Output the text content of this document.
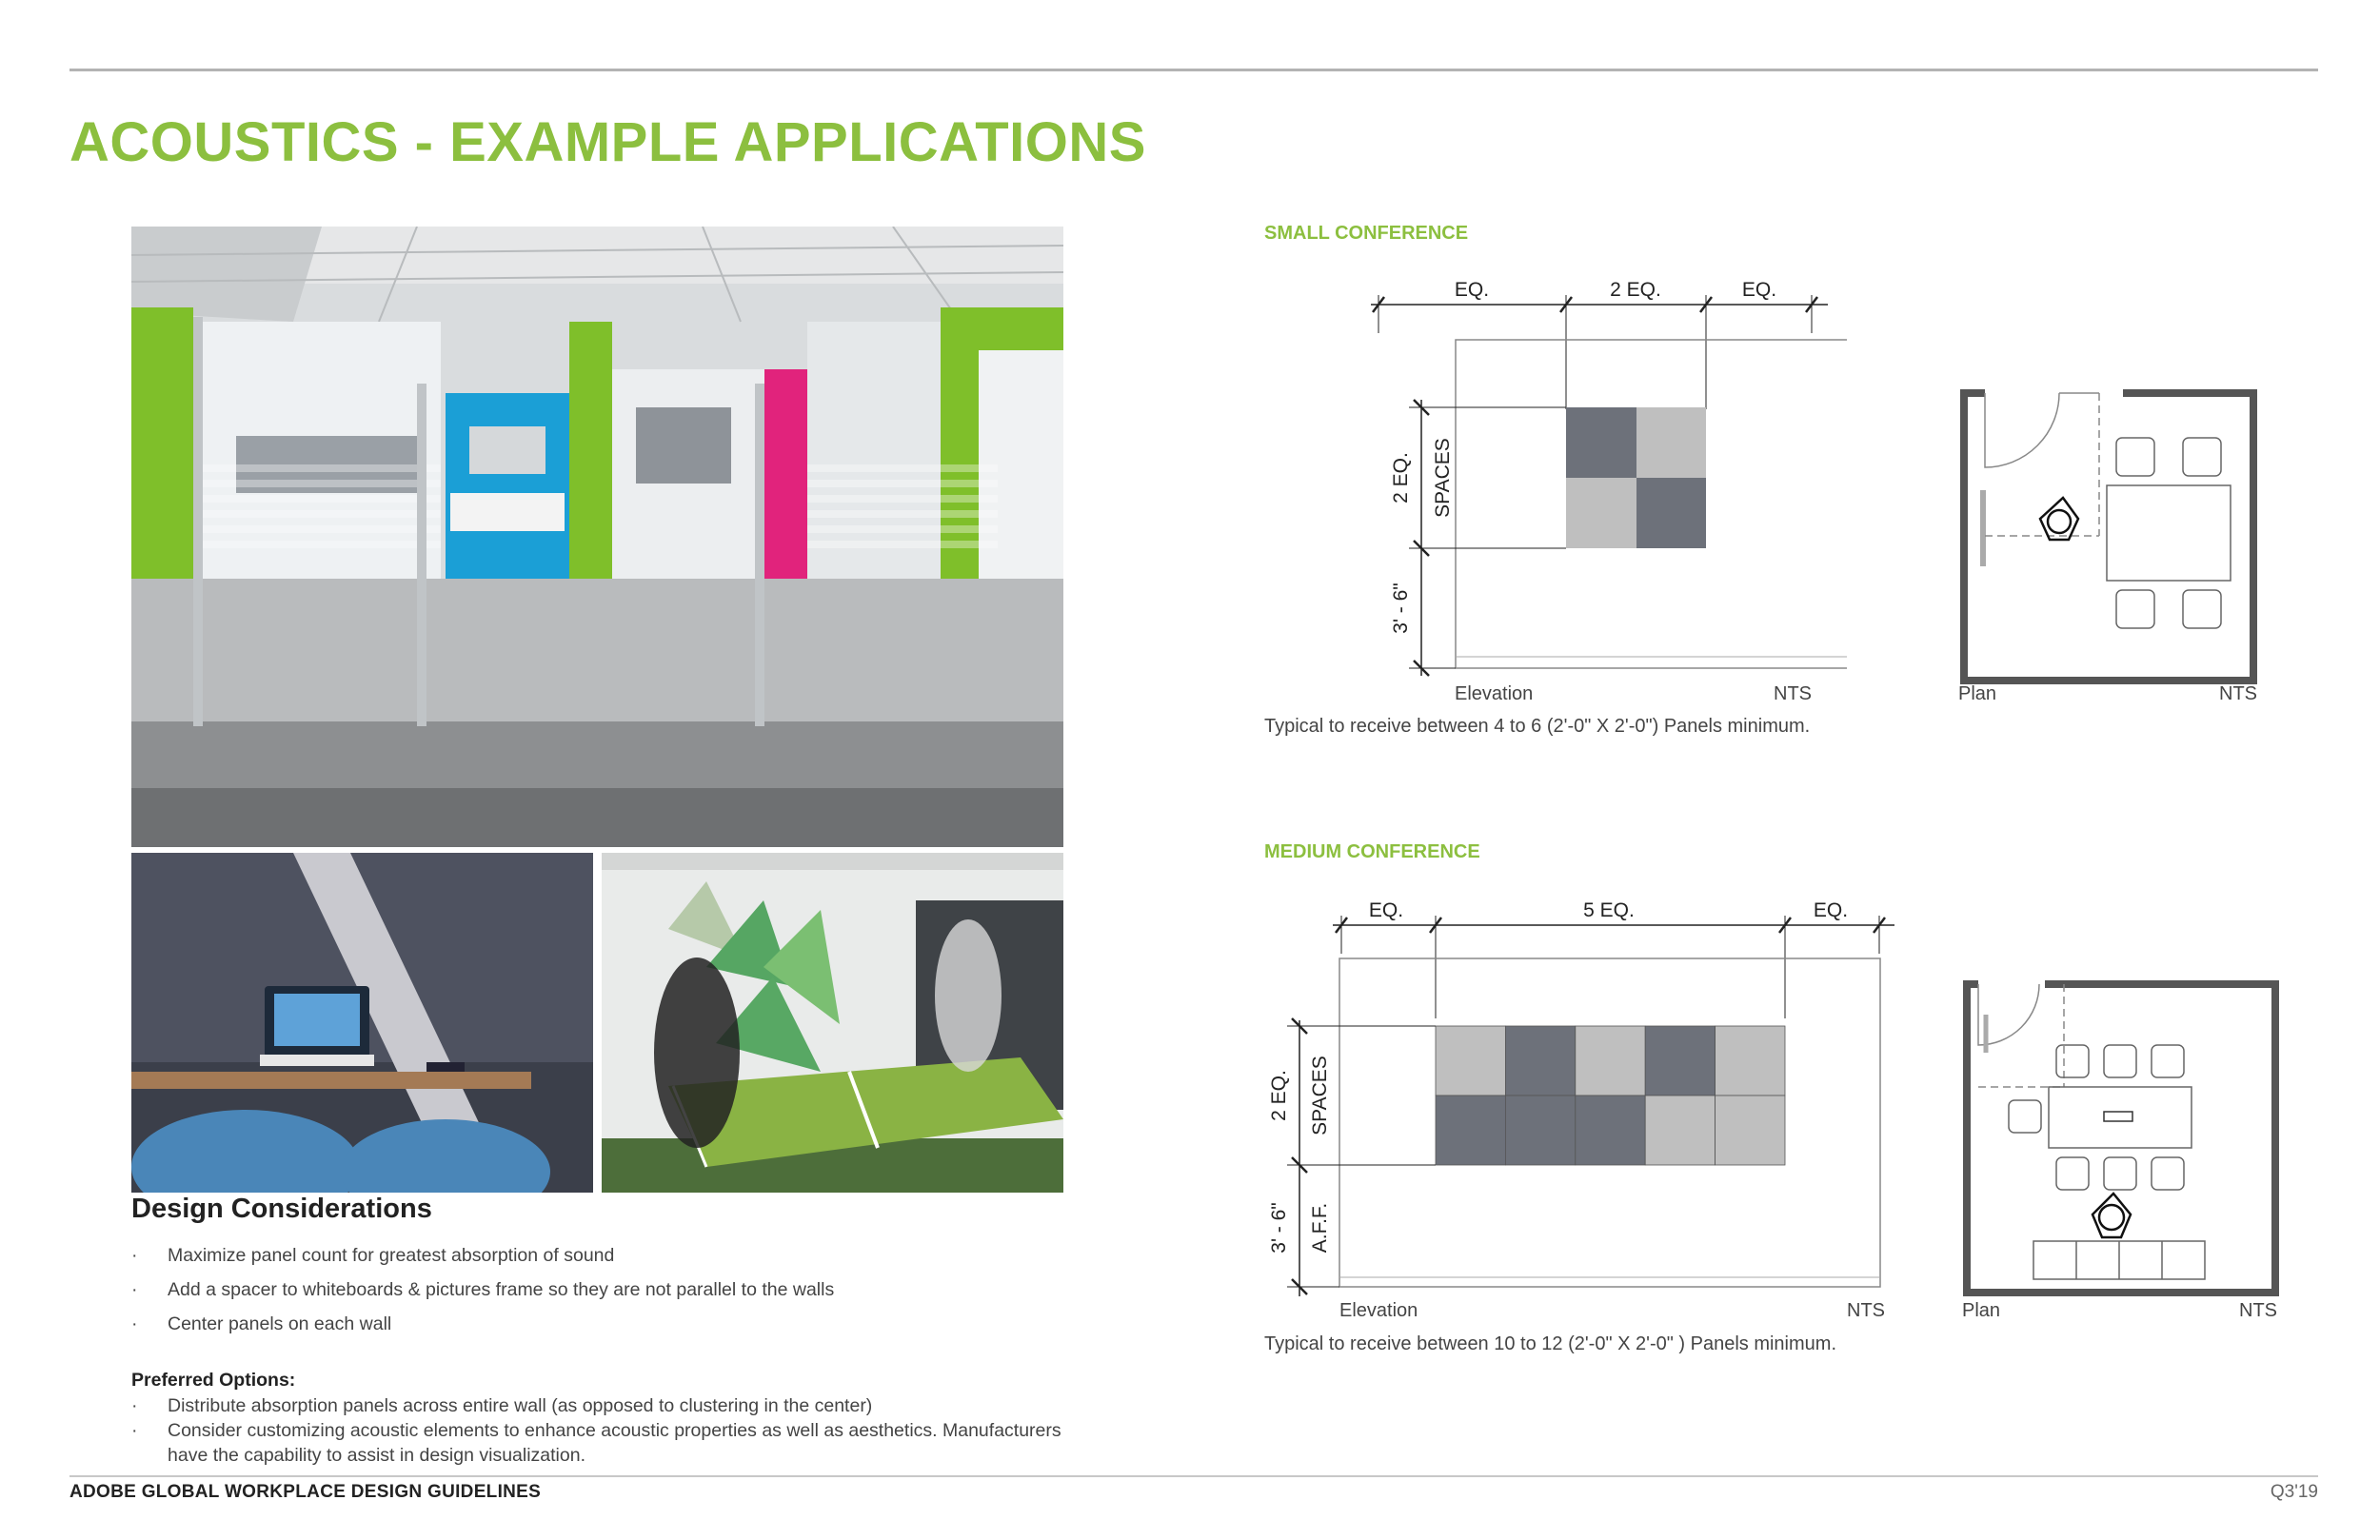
ACOUSTICS - EXAMPLE APPLICATIONS
Design Considerations
· Maximize panel count for greatest absorption of sound
· Add a spacer to whiteboards & pictures frame so they are not parallel to the walls
· Center panels on each wall
Preferred Options:
· Distribute absorption panels across entire wall (as opposed to clustering in the center)
· Consider customizing acoustic elements to enhance acoustic properties as well as aesthetics. Manufacturers have the capability to assist in design visualization.
SMALL CONFERENCE
EQ.	2 EQ.	EQ.
2 EQ. SPACES
3' - 6"
Elevation	NTS	Plan	NTS
Typical to receive between 4 to 6 (2'-0" X 2'-0") Panels minimum.
MEDIUM CONFERENCE
EQ.	5 EQ.	EQ.
2 EQ. SPACES
3' - 6" A.F.F.
Elevation	NTS	Plan	NTS
Typical to receive between 10 to 12 (2'-0" X 2'-0" ) Panels minimum.
ADOBE GLOBAL WORKPLACE DESIGN GUIDELINES	Q3'19
